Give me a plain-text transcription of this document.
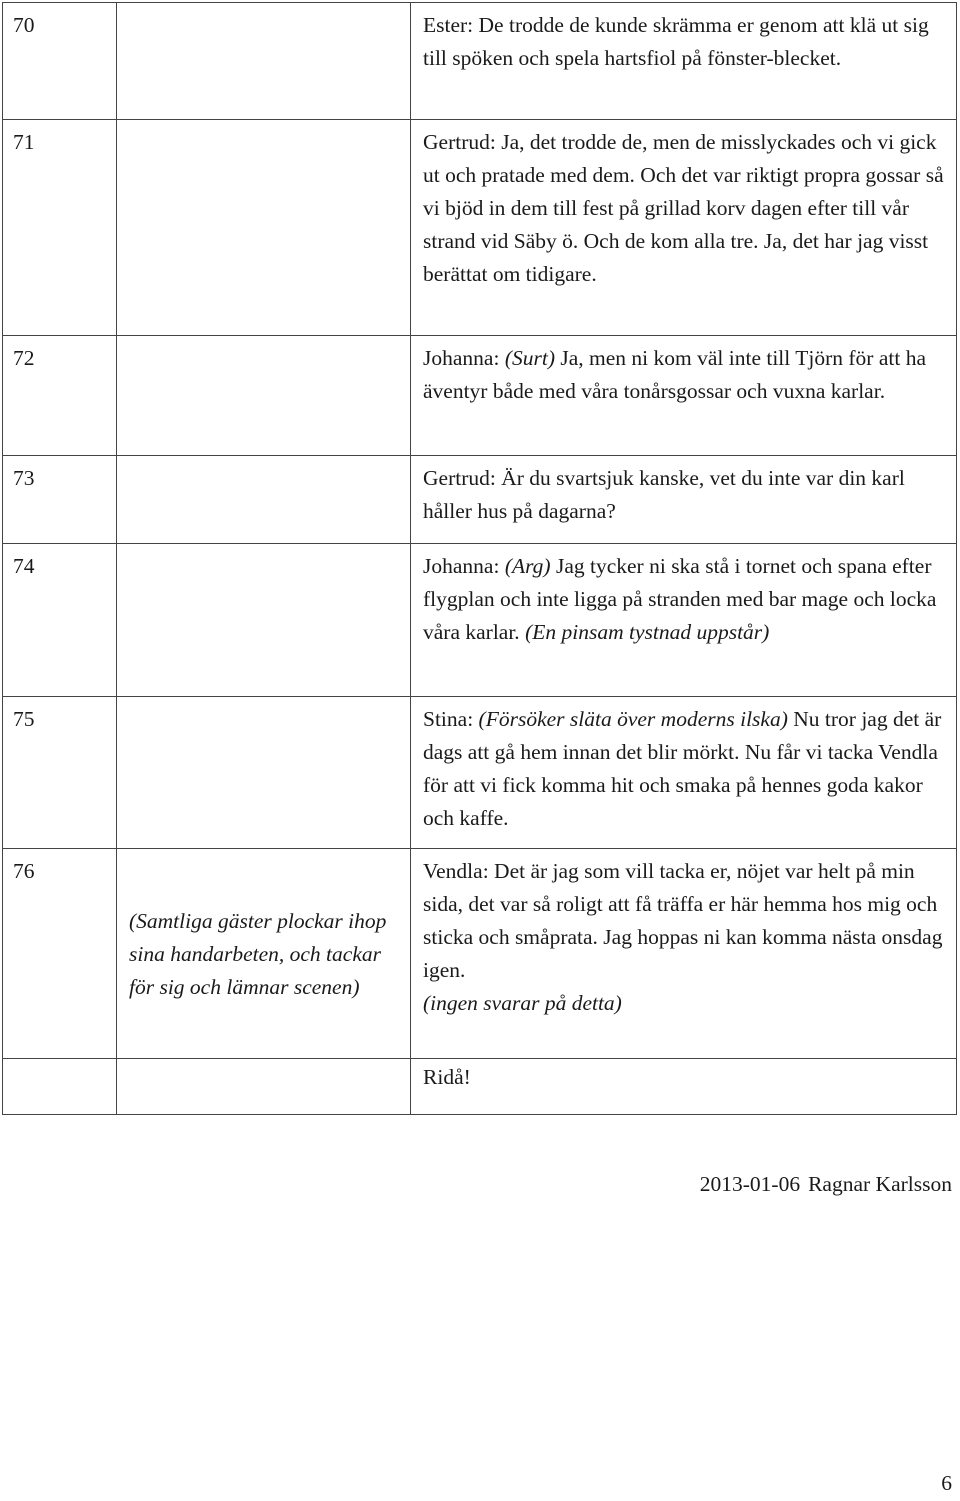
70		Ester: De trodde de kunde skrämma er genom att klä ut sig till spöken och spela hartsfiol på fönster-blecket.
71		Gertrud: Ja, det trodde de, men de misslyckades och vi gick ut och pratade med dem. Och det var riktigt propra gossar så vi bjöd in dem till fest på grillad korv dagen efter till vår strand vid Säby ö. Och de kom alla tre. Ja, det har jag visst berättat om tidigare.
72		Johanna: (Surt) Ja, men ni kom väl inte till Tjörn för att ha äventyr både med våra tonårsgossar och vuxna karlar.
73		Gertrud: Är du svartsjuk kanske, vet du inte var din karl håller hus på dagarna?
74		Johanna: (Arg) Jag tycker ni ska stå i tornet och spana efter flygplan och inte ligga på stranden med bar mage och locka våra karlar. (En pinsam tystnad uppstår)
75		Stina: (Försöker släta över moderns ilska) Nu tror jag det är dags att gå hem innan det blir mörkt. Nu får vi tacka Vendla för att vi fick komma hit och smaka på hennes goda kakor och kaffe.
76	(Samtliga gäster plockar ihop sina handarbeten, och tackar för sig och lämnar scenen)	Vendla: Det är jag som vill tacka er, nöjet var helt på min sida, det var så roligt att få träffa er här hemma hos mig och sticka och småprata. Jag hoppas ni kan komma nästa onsdag igen.
(ingen svarar på detta)

		Ridå!
2013-01-06 Ragnar Karlsson
6
